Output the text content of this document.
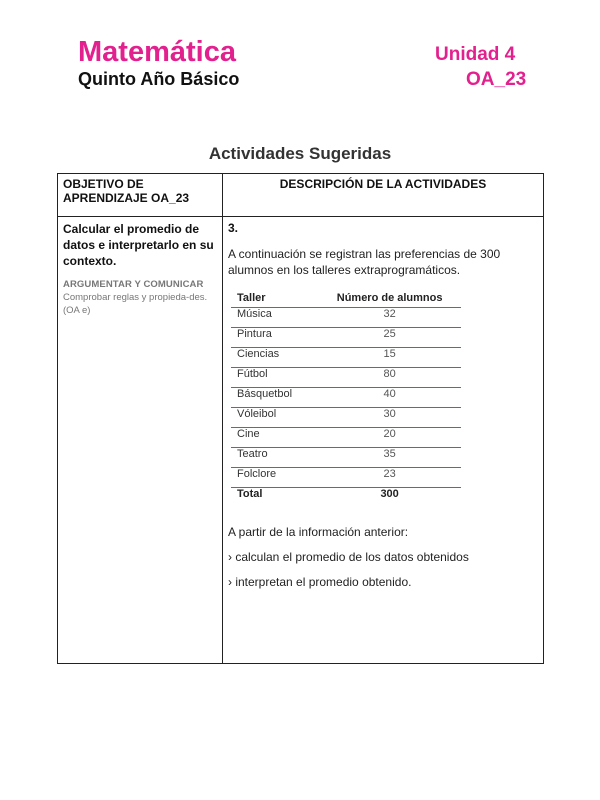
Matemática
Quinto Año Básico
Unidad 4
OA_23
Actividades Sugeridas
OBJETIVO DE APRENDIZAJE OA_23	DESCRIPCIÓN DE LA ACTIVIDADES

Calcular el promedio de datos e interpretarlo en su contexto.
ARGUMENTAR Y COMUNICAR
Comprobar reglas y propieda-des. (OA e)

3.
A continuación se registran las preferencias de 300 alumnos en los talleres extraprogramáticos.
Taller	Número de alumnos
Música	32
Pintura	25
Ciencias	15
Fútbol	80
Básquetbol	40
Vóleibol	30
Cine	20
Teatro	35
Folclore	23
Total	300
A partir de la información anterior:
› calculan el promedio de los datos obtenidos
› interpretan el promedio obtenido.
